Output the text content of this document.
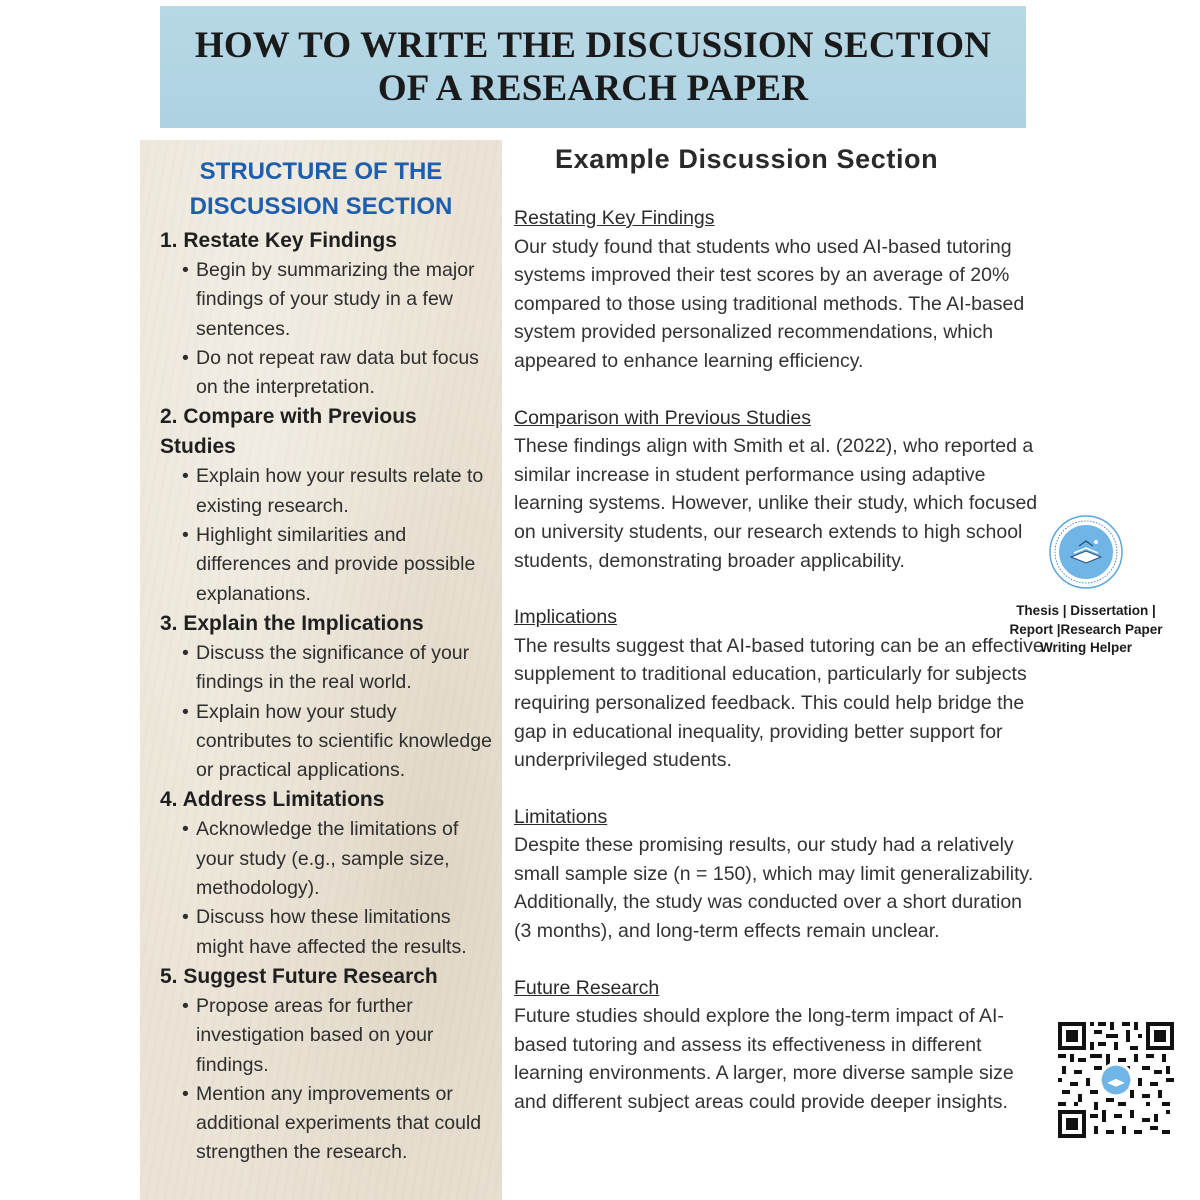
HOW TO WRITE THE DISCUSSION SECTION
OF A RESEARCH PAPER
STRUCTURE OF THE
DISCUSSION SECTION
1. Restate Key Findings
• Begin by summarizing the major findings of your study in a few sentences.
• Do not repeat raw data but focus on the interpretation.
2. Compare with Previous Studies
• Explain how your results relate to existing research.
• Highlight similarities and differences and provide possible explanations.
3. Explain the Implications
• Discuss the significance of your findings in the real world.
• Explain how your study contributes to scientific knowledge or practical applications.
4. Address Limitations
• Acknowledge the limitations of your study (e.g., sample size, methodology).
• Discuss how these limitations might have affected the results.
5. Suggest Future Research
• Propose areas for further investigation based on your findings.
• Mention any improvements or additional experiments that could strengthen the research.
Example Discussion Section
Restating Key Findings
Our study found that students who used AI-based tutoring systems improved their test scores by an average of 20% compared to those using traditional methods. The AI-based system provided personalized recommendations, which appeared to enhance learning efficiency.
Comparison with Previous Studies
These findings align with Smith et al. (2022), who reported a similar increase in student performance using adaptive learning systems. However, unlike their study, which focused on university students, our research extends to high school students, demonstrating broader applicability.
Implications
The results suggest that AI-based tutoring can be an effective supplement to traditional education, particularly for subjects requiring personalized feedback. This could help bridge the gap in educational inequality, providing better support for underprivileged students.
Limitations
Despite these promising results, our study had a relatively small sample size (n = 150), which may limit generalizability. Additionally, the study was conducted over a short duration (3 months), and long-term effects remain unclear.
Future Research
Future studies should explore the long-term impact of AI-based tutoring and assess its effectiveness in different learning environments. A larger, more diverse sample size and different subject areas could provide deeper insights.
Thesis | Dissertation |
Report |Research Paper
Writing Helper
